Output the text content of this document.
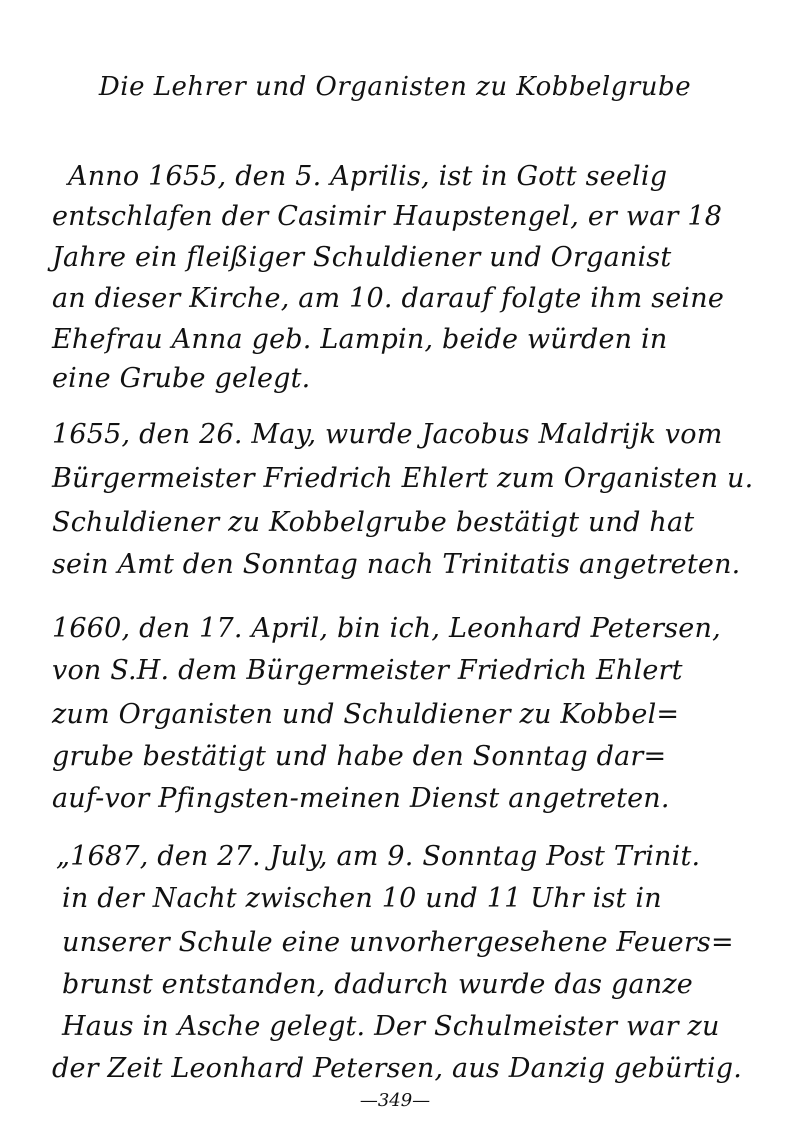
Die Lehrer und Organisten zu Kobbelgrube
Anno 1655, den 5. Aprilis, ist in Gott seelig
entschlafen der Casimir Haupstengel, er war 18
Jahre ein fleißiger Schuldiener und Organist
an dieser Kirche, am 10. darauf folgte ihm seine
Ehefrau Anna geb. Lampin, beide würden in
eine Grube gelegt.
1655, den 26. May, wurde Jacobus Maldrijk vom
Bürgermeister Friedrich Ehlert zum Organisten u.
Schuldiener zu Kobbelgrube bestätigt und hat
sein Amt den Sonntag nach Trinitatis angetreten.
1660, den 17. April, bin ich, Leonhard Petersen,
von S.H. dem Bürgermeister Friedrich Ehlert
zum Organisten und Schuldiener zu Kobbel=
grube bestätigt und habe den Sonntag dar=
auf-vor Pfingsten-meinen Dienst angetreten.
„1687, den 27. July, am 9. Sonntag Post Trinit.
in der Nacht zwischen 10 und 11 Uhr ist in
unserer Schule eine unvorhergesehene Feuers=
brunst entstanden, dadurch wurde das ganze
Haus in Asche gelegt. Der Schulmeister war zu
der Zeit Leonhard Petersen, aus Danzig gebürtig.
—349—
